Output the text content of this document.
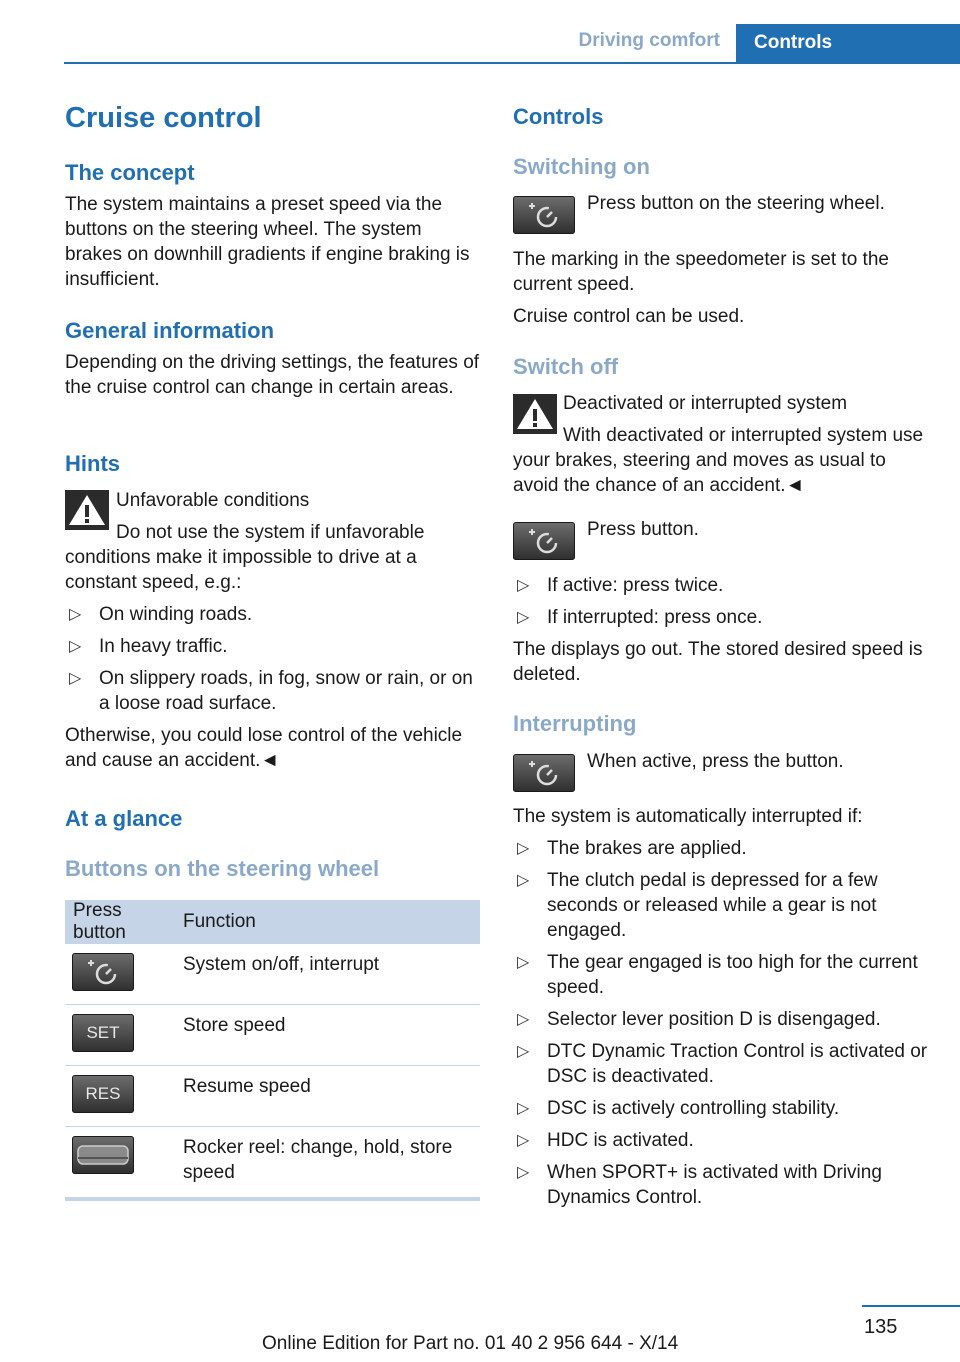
Driving comfort	Controls
Cruise control
The concept

The system maintains a preset speed via the buttons on the steering wheel. The system brakes on downhill gradients if engine braking is insufficient.

General information

Depending on the driving settings, the features of the cruise control can change in certain areas.

Hints
Unfavorable conditions

Do not use the system if unfavorable conditions make it impossible to drive at a constant speed, e.g.:

▷ On winding roads.
▷ In heavy traffic.
▷ On slippery roads, in fog, snow or rain, or on a loose road surface.

Otherwise, you could lose control of the vehicle and cause an accident.◄

At a glance
Buttons on the steering wheel
Press button	Function

	System on/off, interrupt

SET	Store speed

RES	Resume speed

	Rocker reel: change, hold, store speed
Controls
Switching on
Press button on the steering wheel.

The marking in the speedometer is set to the current speed.

Cruise control can be used.
Switch off
Deactivated or interrupted system

With deactivated or interrupted system use your brakes, steering and moves as usual to avoid the chance of an accident.◄

Press button.
▷ If active: press twice.
▷ If interrupted: press once.

The displays go out. The stored desired speed is deleted.

Interrupting
When active, press the button.
The system is automatically interrupted if:
▷ The brakes are applied.
▷ The clutch pedal is depressed for a few seconds or released while a gear is not engaged.
▷ The gear engaged is too high for the current speed.
▷ Selector lever position D is disengaged.
▷ DTC Dynamic Traction Control is activated or DSC is deactivated.
▷ DSC is actively controlling stability.
▷ HDC is activated.
▷ When SPORT+ is activated with Driving Dynamics Control.
135
Online Edition for Part no. 01 40 2 956 644 - X/14
